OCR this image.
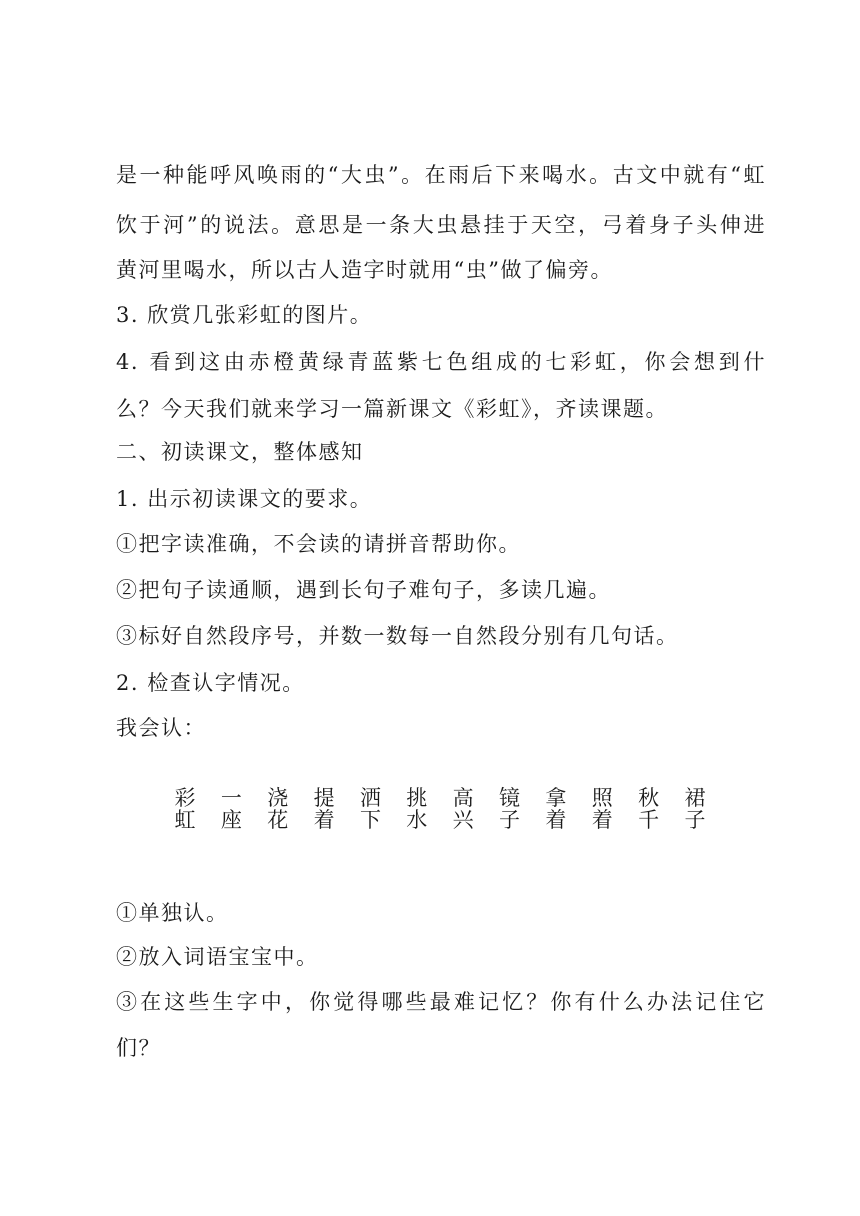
是一种能呼风唤雨的“大虫”。在雨后下来喝水。古文中就有“虹
饮于河”的说法。意思是一条大虫悬挂于天空，弓着身子头伸进
黄河里喝水，所以古人造字时就用“虫”做了偏旁。
3. 欣赏几张彩虹的图片。
4. 看到这由赤橙黄绿青蓝紫七色组成的七彩虹，你会想到什
么？今天我们就来学习一篇新课文《彩虹》，齐读课题。
二、初读课文，整体感知
1. 出示初读课文的要求。
①把字读准确，不会读的请拼音帮助你。
②把句子读通顺，遇到长句子难句子，多读几遍。
③标好自然段序号，并数一数每一自然段分别有几句话。
2. 检查认字情况。
我会认：
彩 一 浇 提 洒 挑 高 镜 拿 照 秋 裙
虹 座 花 着 下 水 兴 子 着 着 千 子
①单独认。
②放入词语宝宝中。
③在这些生字中，你觉得哪些最难记忆？你有什么办法记住它
们？
